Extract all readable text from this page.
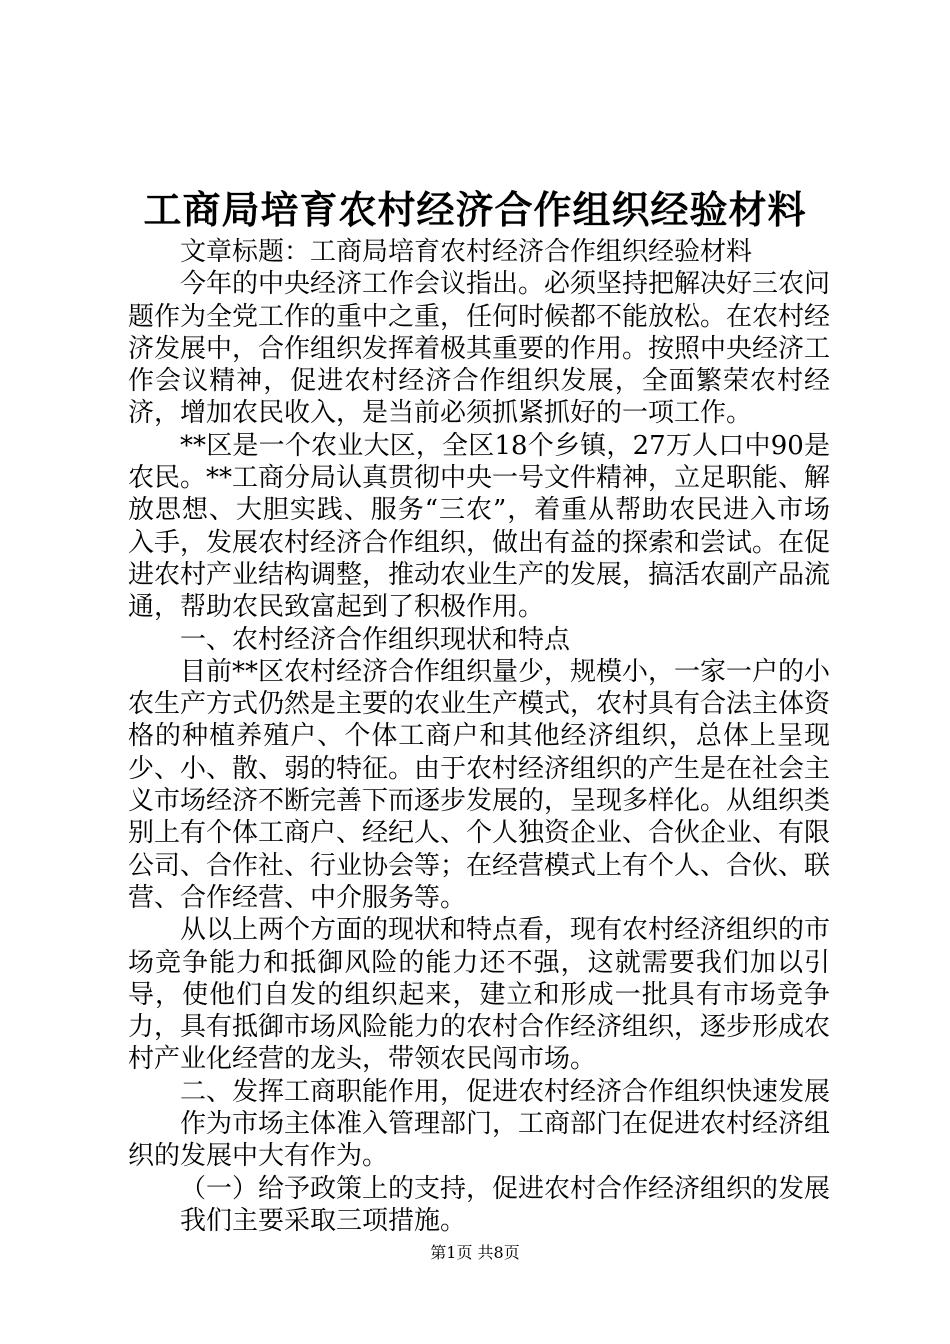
工商局培育农村经济合作组织经验材料

文章标题：工商局培育农村经济合作组织经验材料

今年的中央经济工作会议指出。必须坚持把解决好三农问题作为全党工作的重中之重，任何时候都不能放松。在农村经济发展中，合作组织发挥着极其重要的作用。按照中央经济工作会议精神，促进农村经济合作组织发展，全面繁荣农村经济，增加农民收入，是当前必须抓紧抓好的一项工作。

**区是一个农业大区，全区18个乡镇，27万人口中90是农民。**工商分局认真贯彻中央一号文件精神，立足职能、解放思想、大胆实践、服务“三农”，着重从帮助农民进入市场入手，发展农村经济合作组织，做出有益的探索和尝试。在促进农村产业结构调整，推动农业生产的发展，搞活农副产品流通，帮助农民致富起到了积极作用。

一、农村经济合作组织现状和特点

目前**区农村经济合作组织量少，规模小，一家一户的小农生产方式仍然是主要的农业生产模式，农村具有合法主体资格的种植养殖户、个体工商户和其他经济组织，总体上呈现少、小、散、弱的特征。由于农村经济组织的产生是在社会主义市场经济不断完善下而逐步发展的，呈现多样化。从组织类别上有个体工商户、经纪人、个人独资企业、合伙企业、有限公司、合作社、行业协会等；在经营模式上有个人、合伙、联营、合作经营、中介服务等。

从以上两个方面的现状和特点看，现有农村经济组织的市场竞争能力和抵御风险的能力还不强，这就需要我们加以引导，使他们自发的组织起来，建立和形成一批具有市场竞争力，具有抵御市场风险能力的农村合作经济组织，逐步形成农村产业化经营的龙头，带领农民闯市场。

二、发挥工商职能作用，促进农村经济合作组织快速发展

作为市场主体准入管理部门，工商部门在促进农村经济组织的发展中大有作为。

（一）给予政策上的支持，促进农村合作经济组织的发展

我们主要采取三项措施。

第1页 共8页
